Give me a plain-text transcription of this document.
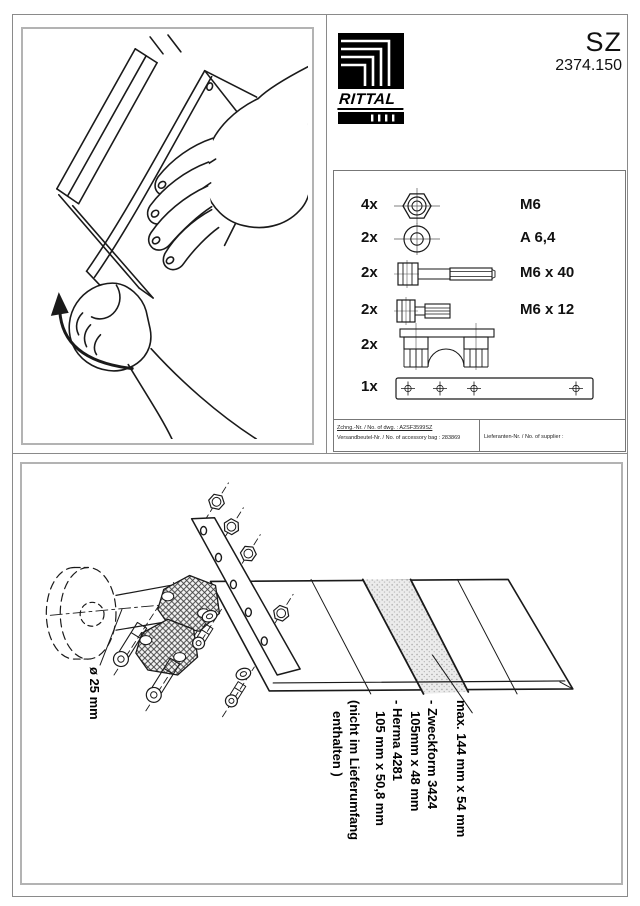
RITTAL
SZ
2374.150
4x	M6
2x	A 6,4
2x	M6 x 40
2x	M6 x 12
2x
1x
Zchng.-Nr. / No. of dwg. : A2SF3599SZ
Versandbeutel-Nr. / No. of accessory bag : 283869	Lieferanten-Nr. / No. of supplier :
ø 25 mm
max. 144 mm x 54 mm
- Zweckform 3424
105mm x 48 mm
- Herma 4281
105 mm x 50,8 mm
(nicht im Lieferumfang
enthalten )
